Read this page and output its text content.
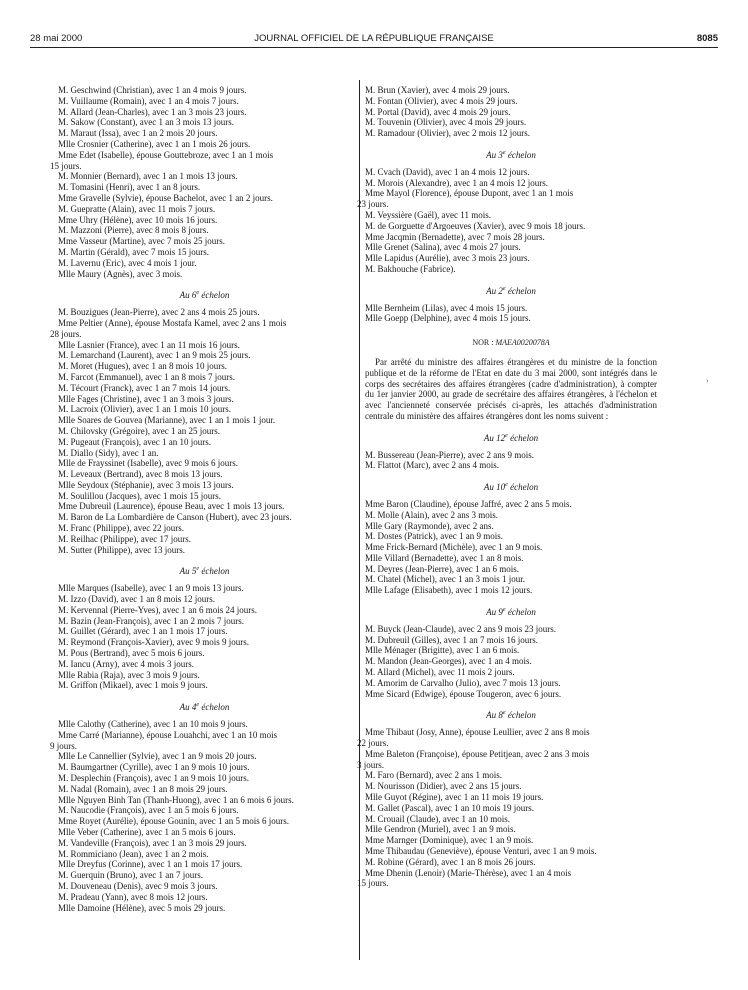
28 mai 2000	JOURNAL OFFICIEL DE LA RÉPUBLIQUE FRANÇAISE	8085
M. Geschwind (Christian), avec 1 an 4 mois 9 jours.
M. Vuillaume (Romain), avec 1 an 4 mois 7 jours.
M. Allard (Jean-Charles), avec 1 an 3 mois 23 jours.
M. Sakow (Constant), avec 1 an 3 mois 13 jours.
M. Maraut (Issa), avec 1 an 2 mois 20 jours.
Mlle Crosnier (Catherine), avec 1 an 1 mois 26 jours.
Mme Edet (Isabelle), épouse Gouttebroze, avec 1 an 1 mois
15 jours.
M. Monnier (Bernard), avec 1 an 1 mois 13 jours.
M. Tomasini (Henri), avec 1 an 8 jours.
Mme Gravelle (Sylvie), épouse Bachelot, avec 1 an 2 jours.
M. Guepratte (Alain), avec 11 mois 7 jours.
Mme Uhry (Hélène), avec 10 mois 16 jours.
M. Mazzoni (Pierre), avec 8 mois 8 jours.
Mme Vasseur (Martine), avec 7 mois 25 jours.
M. Martin (Gérald), avec 7 mois 15 jours.
M. Lavernu (Eric), avec 4 mois 1 jour.
Mlle Maury (Agnès), avec 3 mois.
Au 6e échelon
M. Bouzigues (Jean-Pierre), avec 2 ans 4 mois 25 jours.
Mme Peltier (Anne), épouse Mostafa Kamel, avec 2 ans 1 mois
28 jours.
Mlle Lasnier (France), avec 1 an 11 mois 16 jours.
M. Lemarchand (Laurent), avec 1 an 9 mois 25 jours.
M. Moret (Hugues), avec 1 an 8 mois 10 jours.
M. Farcot (Emmanuel), avec 1 an 8 mois 7 jours.
M. Técourt (Franck), avec 1 an 7 mois 14 jours.
Mlle Fages (Christine), avec 1 an 3 mois 3 jours.
M. Lacroix (Olivier), avec 1 an 1 mois 10 jours.
Mlle Soares de Gouvea (Marianne), avec 1 an 1 mois 1 jour.
M. Chilovsky (Grégoire), avec 1 an 25 jours.
M. Pugeaut (François), avec 1 an 10 jours.
M. Diallo (Sidy), avec 1 an.
Mlle de Frayssinet (Isabelle), avec 9 mois 6 jours.
M. Leveaux (Bertrand), avec 8 mois 13 jours.
Mlle Seydoux (Stéphanie), avec 3 mois 13 jours.
M. Soulillou (Jacques), avec 1 mois 15 jours.
Mme Dubreuil (Laurence), épouse Beau, avec 1 mois 13 jours.
M. Baron de La Lombardière de Canson (Hubert), avec 23 jours.
M. Franc (Philippe), avec 22 jours.
M. Reilhac (Philippe), avec 17 jours.
M. Sutter (Philippe), avec 13 jours.
Au 5e échelon
Mlle Marques (Isabelle), avec 1 an 9 mois 13 jours.
M. Izzo (David), avec 1 an 8 mois 12 jours.
M. Kervennal (Pierre-Yves), avec 1 an 6 mois 24 jours.
M. Bazin (Jean-François), avec 1 an 2 mois 7 jours.
M. Guillet (Gérard), avec 1 an 1 mois 17 jours.
M. Reymond (François-Xavier), avec 9 mois 9 jours.
M. Pous (Bertrand), avec 5 mois 6 jours.
M. Iancu (Arny), avec 4 mois 3 jours.
Mlle Rabia (Raja), avec 3 mois 9 jours.
M. Griffon (Mikael), avec 1 mois 9 jours.
Au 4e échelon
Mlle Calothy (Catherine), avec 1 an 10 mois 9 jours.
Mme Carré (Marianne), épouse Louahchi, avec 1 an 10 mois
9 jours.
Mlle Le Cannellier (Sylvie), avec 1 an 9 mois 20 jours.
M. Baumgartner (Cyrille), avec 1 an 9 mois 10 jours.
M. Desplechin (François), avec 1 an 9 mois 10 jours.
M. Nadal (Romain), avec 1 an 8 mois 29 jours.
Mlle Nguyen Binh Tan (Thanh-Huong), avec 1 an 6 mois 6 jours.
M. Naucodie (François), avec 1 an 5 mois 6 jours.
Mme Royet (Aurélie), épouse Gounin, avec 1 an 5 mois 6 jours.
Mlle Veber (Catherine), avec 1 an 5 mois 6 jours.
M. Vandeville (François), avec 1 an 3 mois 29 jours.
M. Rommiciano (Jean), avec 1 an 2 mois.
Mlle Dreyfus (Corinne), avec 1 an 1 mois 17 jours.
M. Guerquin (Bruno), avec 1 an 7 jours.
M. Douveneau (Denis), avec 9 mois 3 jours.
M. Pradeau (Yann), avec 8 mois 12 jours.
Mlle Damoine (Hélène), avec 5 mois 29 jours.
M. Brun (Xavier), avec 4 mois 29 jours.
M. Fontan (Olivier), avec 4 mois 29 jours.
M. Portal (David), avec 4 mois 29 jours.
M. Touvenin (Olivier), avec 4 mois 29 jours.
M. Ramadour (Olivier), avec 2 mois 12 jours.
Au 3e échelon
M. Cvach (David), avec 1 an 4 mois 12 jours.
M. Morois (Alexandre), avec 1 an 4 mois 12 jours.
Mme Mayol (Florence), épouse Dupont, avec 1 an 1 mois
23 jours.
M. Veyssière (Gaël), avec 11 mois.
M. de Gorguette d'Argoeuves (Xavier), avec 9 mois 18 jours.
Mme Jacqmin (Bernadette), avec 7 mois 28 jours.
Mlle Grenet (Salina), avec 4 mois 27 jours.
Mlle Lapidus (Aurélie), avec 3 mois 23 jours.
M. Bakhouche (Fabrice).
Au 2e échelon
Mlle Bernheim (Lilas), avec 4 mois 15 jours.
Mlle Goepp (Delphine), avec 4 mois 15 jours.
NOR : MAEA0020078A
Par arrêté du ministre des affaires étrangères et du ministre de la fonction publique et de la réforme de l'Etat en date du 3 mai 2000, sont intégrés dans le corps des secrétaires des affaires étrangères (cadre d'administration), à compter du 1er janvier 2000, au grade de secrétaire des affaires étrangères, à l'échelon et avec l'ancienneté conservée précisés ci-après, les attachés d'administration centrale du ministère des affaires étrangères dont les noms suivent :
Au 12e échelon
M. Bussereau (Jean-Pierre), avec 2 ans 9 mois.
M. Flattot (Marc), avec 2 ans 4 mois.
Au 10e échelon
Mme Baron (Claudine), épouse Jaffré, avec 2 ans 5 mois.
M. Molle (Alain), avec 2 ans 3 mois.
Mlle Gary (Raymonde), avec 2 ans.
M. Dostes (Patrick), avec 1 an 9 mois.
Mme Frick-Bernard (Michèle), avec 1 an 9 mois.
Mlle Villard (Bernadette), avec 1 an 8 mois.
M. Deyres (Jean-Pierre), avec 1 an 6 mois.
M. Chatel (Michel), avec 1 an 3 mois 1 jour.
Mlle Lafage (Elisabeth), avec 1 mois 12 jours.
Au 9e échelon
M. Buyck (Jean-Claude), avec 2 ans 9 mois 23 jours.
M. Dubreuil (Gilles), avec 1 an 7 mois 16 jours.
Mlle Ménager (Brigitte), avec 1 an 6 mois.
M. Mandon (Jean-Georges), avec 1 an 4 mois.
M. Allard (Michel), avec 11 mois 2 jours.
M. Amorim de Carvalho (Julio), avec 7 mois 13 jours.
Mme Sicard (Edwige), épouse Tougeron, avec 6 jours.
Au 8e échelon
Mme Thibaut (Josy, Anne), épouse Leullier, avec 2 ans 8 mois
22 jours.
Mme Baleton (Françoise), épouse Petitjean, avec 2 ans 3 mois
3 jours.
M. Faro (Bernard), avec 2 ans 1 mois.
M. Nourisson (Didier), avec 2 ans 15 jours.
Mlle Guyot (Régine), avec 1 an 11 mois 19 jours.
M. Gallet (Pascal), avec 1 an 10 mois 19 jours.
M. Crouail (Claude), avec 1 an 10 mois.
Mlle Gendron (Muriel), avec 1 an 9 mois.
Mme Marnger (Dominique), avec 1 an 9 mois.
Mme Thibaudau (Geneviève), épouse Venturi, avec 1 an 9 mois.
M. Robine (Gérard), avec 1 an 8 mois 26 jours.
Mme Dhenin (Lenoir) (Marie-Thérèse), avec 1 an 4 mois
15 jours.
›
